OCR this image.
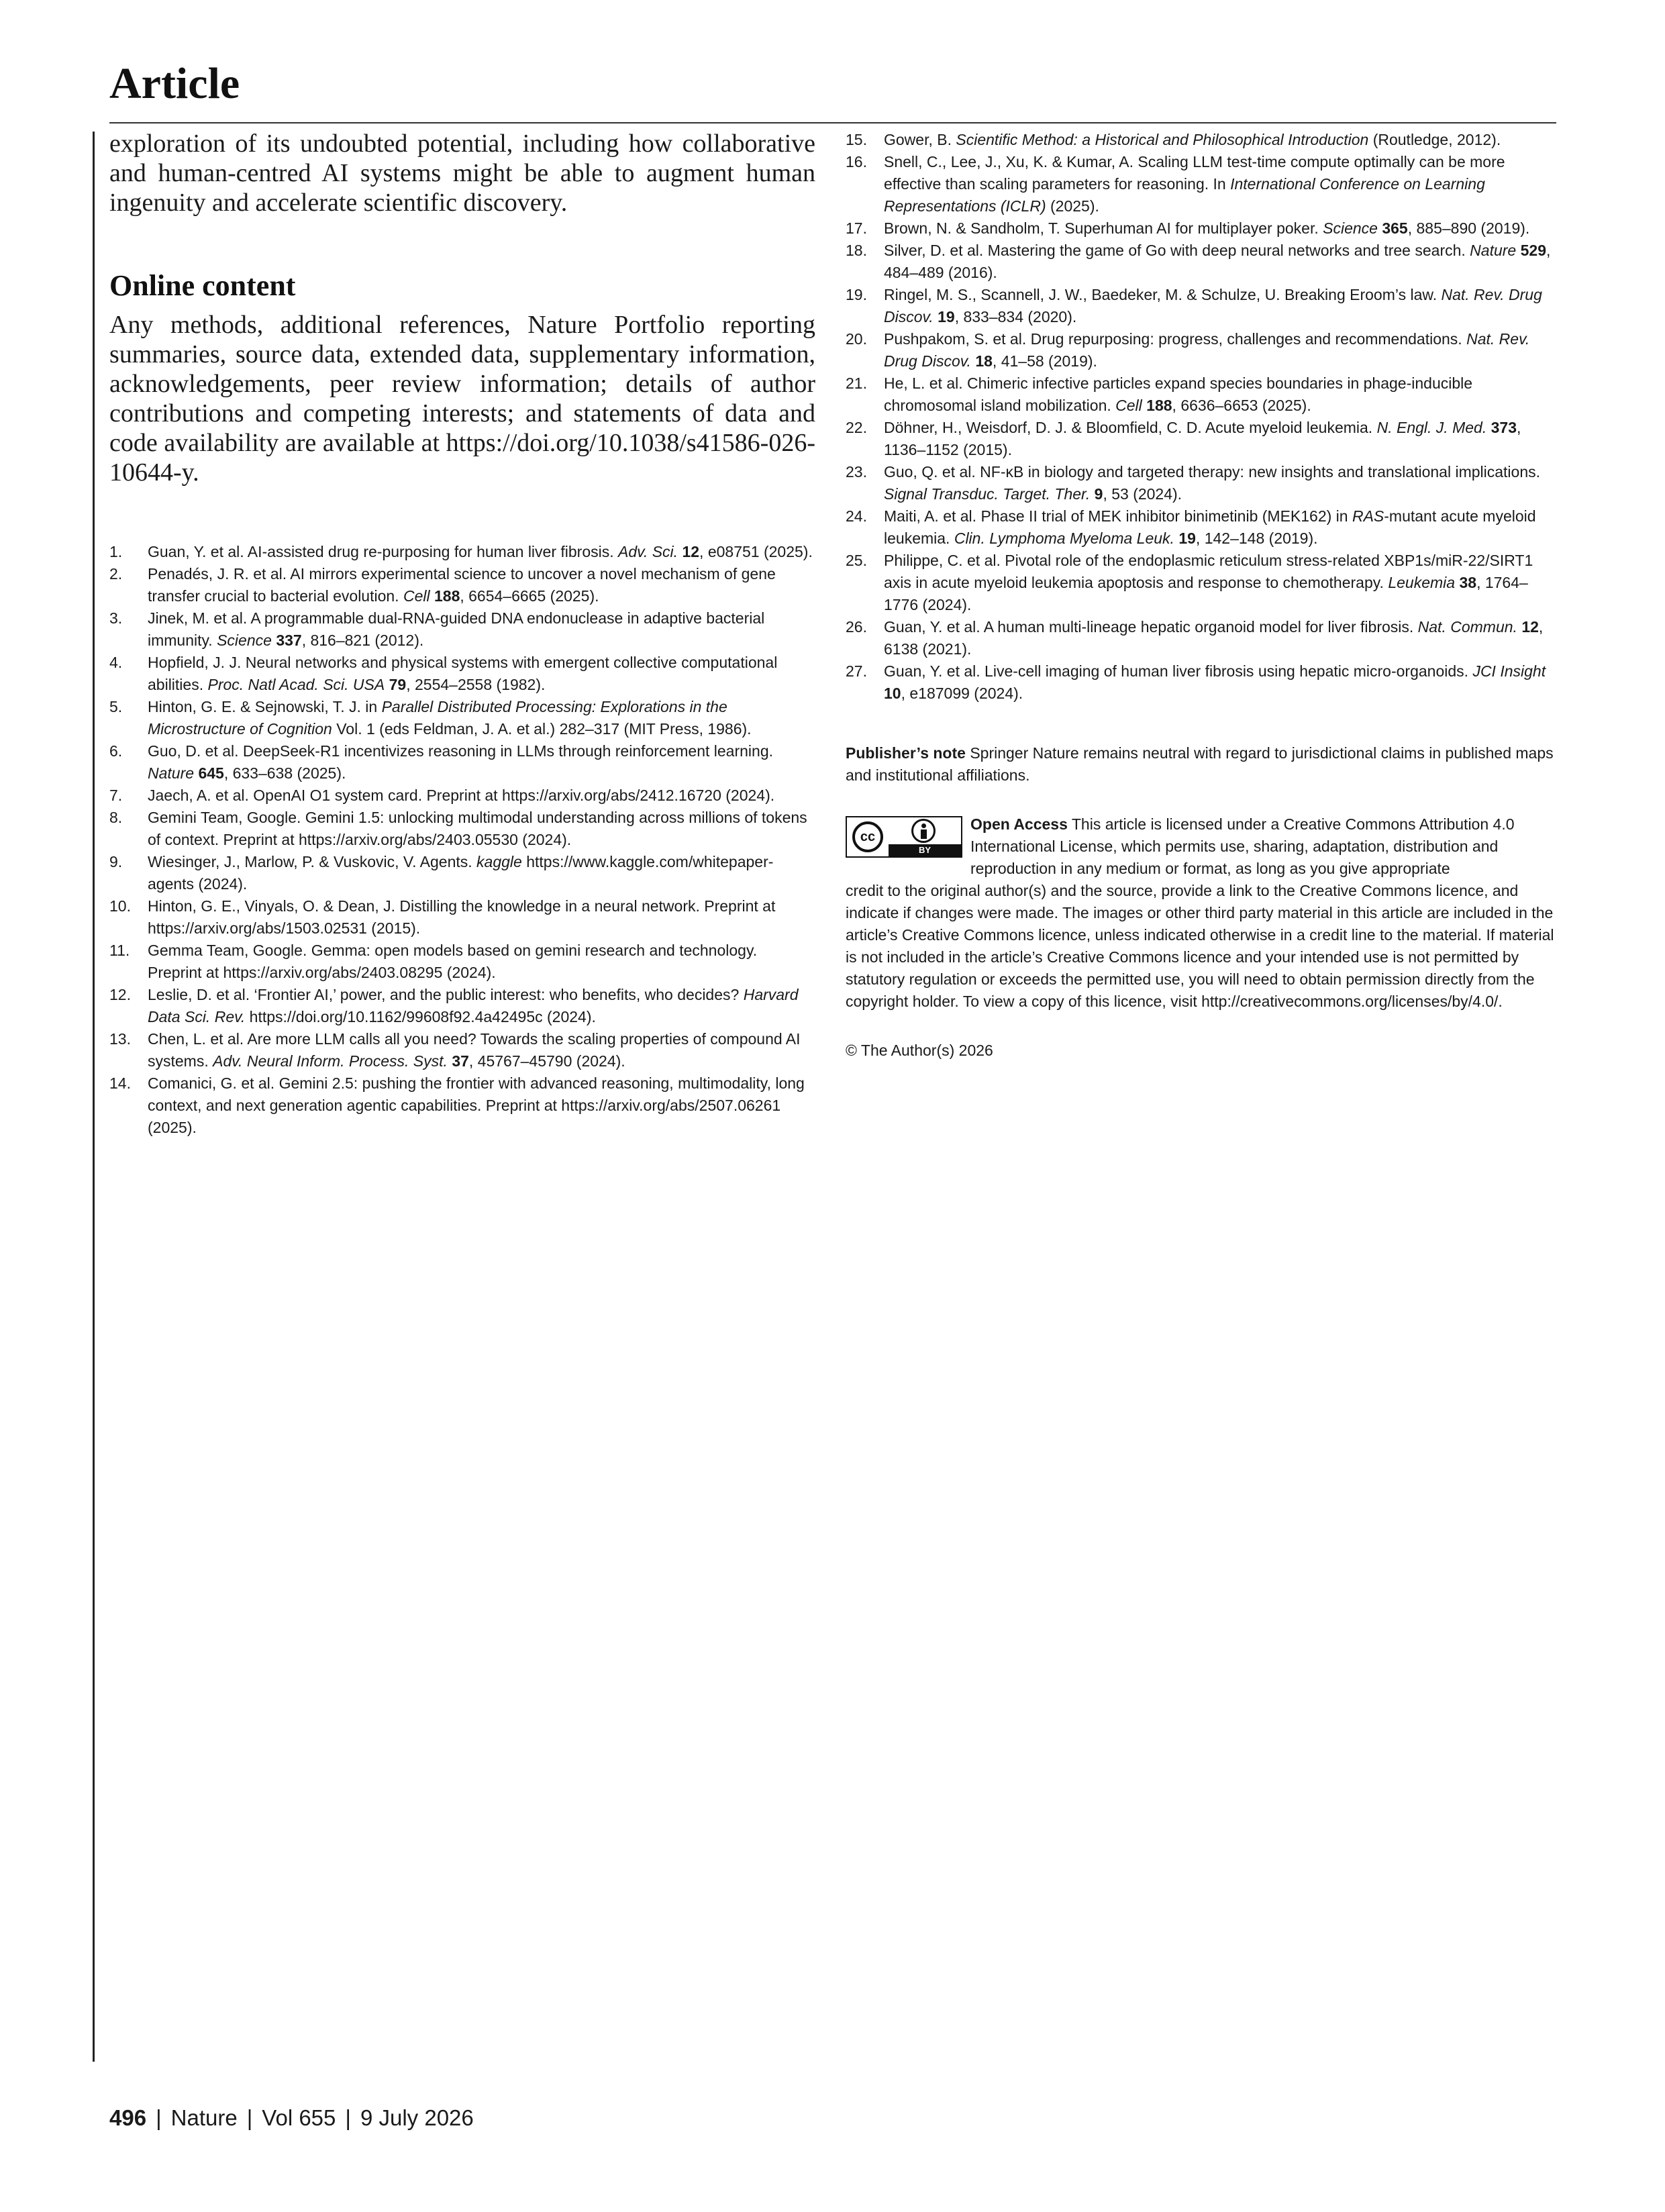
Article

exploration of its undoubted potential, including how collaborative and human-centred AI systems might be able to augment human ingenuity and accelerate scientific discovery.

Online content

Any methods, additional references, Nature Portfolio reporting summaries, source data, extended data, supplementary information, acknowledgements, peer review information; details of author contributions and competing interests; and statements of data and code availability are available at https://doi.org/10.1038/s41586-026-10644-y.

1. Guan, Y. et al. AI-assisted drug re-purposing for human liver fibrosis. Adv. Sci. 12, e08751 (2025).
2. Penadés, J. R. et al. AI mirrors experimental science to uncover a novel mechanism of gene transfer crucial to bacterial evolution. Cell 188, 6654–6665 (2025).
3. Jinek, M. et al. A programmable dual-RNA-guided DNA endonuclease in adaptive bacterial immunity. Science 337, 816–821 (2012).
4. Hopfield, J. J. Neural networks and physical systems with emergent collective computational abilities. Proc. Natl Acad. Sci. USA 79, 2554–2558 (1982).
5. Hinton, G. E. & Sejnowski, T. J. in Parallel Distributed Processing: Explorations in the Microstructure of Cognition Vol. 1 (eds Feldman, J. A. et al.) 282–317 (MIT Press, 1986).
6. Guo, D. et al. DeepSeek-R1 incentivizes reasoning in LLMs through reinforcement learning. Nature 645, 633–638 (2025).
7. Jaech, A. et al. OpenAI O1 system card. Preprint at https://arxiv.org/abs/2412.16720 (2024).
8. Gemini Team, Google. Gemini 1.5: unlocking multimodal understanding across millions of tokens of context. Preprint at https://arxiv.org/abs/2403.05530 (2024).
9. Wiesinger, J., Marlow, P. & Vuskovic, V. Agents. kaggle https://www.kaggle.com/whitepaper-agents (2024).
10. Hinton, G. E., Vinyals, O. & Dean, J. Distilling the knowledge in a neural network. Preprint at https://arxiv.org/abs/1503.02531 (2015).
11. Gemma Team, Google. Gemma: open models based on gemini research and technology. Preprint at https://arxiv.org/abs/2403.08295 (2024).
12. Leslie, D. et al. ‘Frontier AI,’ power, and the public interest: who benefits, who decides? Harvard Data Sci. Rev. https://doi.org/10.1162/99608f92.4a42495c (2024).
13. Chen, L. et al. Are more LLM calls all you need? Towards the scaling properties of compound AI systems. Adv. Neural Inform. Process. Syst. 37, 45767–45790 (2024).
14. Comanici, G. et al. Gemini 2.5: pushing the frontier with advanced reasoning, multimodality, long context, and next generation agentic capabilities. Preprint at https://arxiv.org/abs/2507.06261 (2025).
15. Gower, B. Scientific Method: a Historical and Philosophical Introduction (Routledge, 2012).
16. Snell, C., Lee, J., Xu, K. & Kumar, A. Scaling LLM test-time compute optimally can be more effective than scaling parameters for reasoning. In International Conference on Learning Representations (ICLR) (2025).
17. Brown, N. & Sandholm, T. Superhuman AI for multiplayer poker. Science 365, 885–890 (2019).
18. Silver, D. et al. Mastering the game of Go with deep neural networks and tree search. Nature 529, 484–489 (2016).
19. Ringel, M. S., Scannell, J. W., Baedeker, M. & Schulze, U. Breaking Eroom’s law. Nat. Rev. Drug Discov. 19, 833–834 (2020).
20. Pushpakom, S. et al. Drug repurposing: progress, challenges and recommendations. Nat. Rev. Drug Discov. 18, 41–58 (2019).
21. He, L. et al. Chimeric infective particles expand species boundaries in phage-inducible chromosomal island mobilization. Cell 188, 6636–6653 (2025).
22. Döhner, H., Weisdorf, D. J. & Bloomfield, C. D. Acute myeloid leukemia. N. Engl. J. Med. 373, 1136–1152 (2015).
23. Guo, Q. et al. NF-κB in biology and targeted therapy: new insights and translational implications. Signal Transduc. Target. Ther. 9, 53 (2024).
24. Maiti, A. et al. Phase II trial of MEK inhibitor binimetinib (MEK162) in RAS-mutant acute myeloid leukemia. Clin. Lymphoma Myeloma Leuk. 19, 142–148 (2019).
25. Philippe, C. et al. Pivotal role of the endoplasmic reticulum stress-related XBP1s/miR-22/SIRT1 axis in acute myeloid leukemia apoptosis and response to chemotherapy. Leukemia 38, 1764–1776 (2024).
26. Guan, Y. et al. A human multi-lineage hepatic organoid model for liver fibrosis. Nat. Commun. 12, 6138 (2021).
27. Guan, Y. et al. Live-cell imaging of human liver fibrosis using hepatic micro-organoids. JCI Insight 10, e187099 (2024).

Publisher’s note Springer Nature remains neutral with regard to jurisdictional claims in published maps and institutional affiliations.

cc
BY
Open Access This article is licensed under a Creative Commons Attribution 4.0 International License, which permits use, sharing, adaptation, distribution and reproduction in any medium or format, as long as you give appropriate
credit to the original author(s) and the source, provide a link to the Creative Commons licence, and indicate if changes were made. The images or other third party material in this article are included in the article’s Creative Commons licence, unless indicated otherwise in a credit line to the material. If material is not included in the article’s Creative Commons licence and your intended use is not permitted by statutory regulation or exceeds the permitted use, you will need to obtain permission directly from the copyright holder. To view a copy of this licence, visit http://creativecommons.org/licenses/by/4.0/.
© The Author(s) 2026
496 | Nature | Vol 655 | 9 July 2026
